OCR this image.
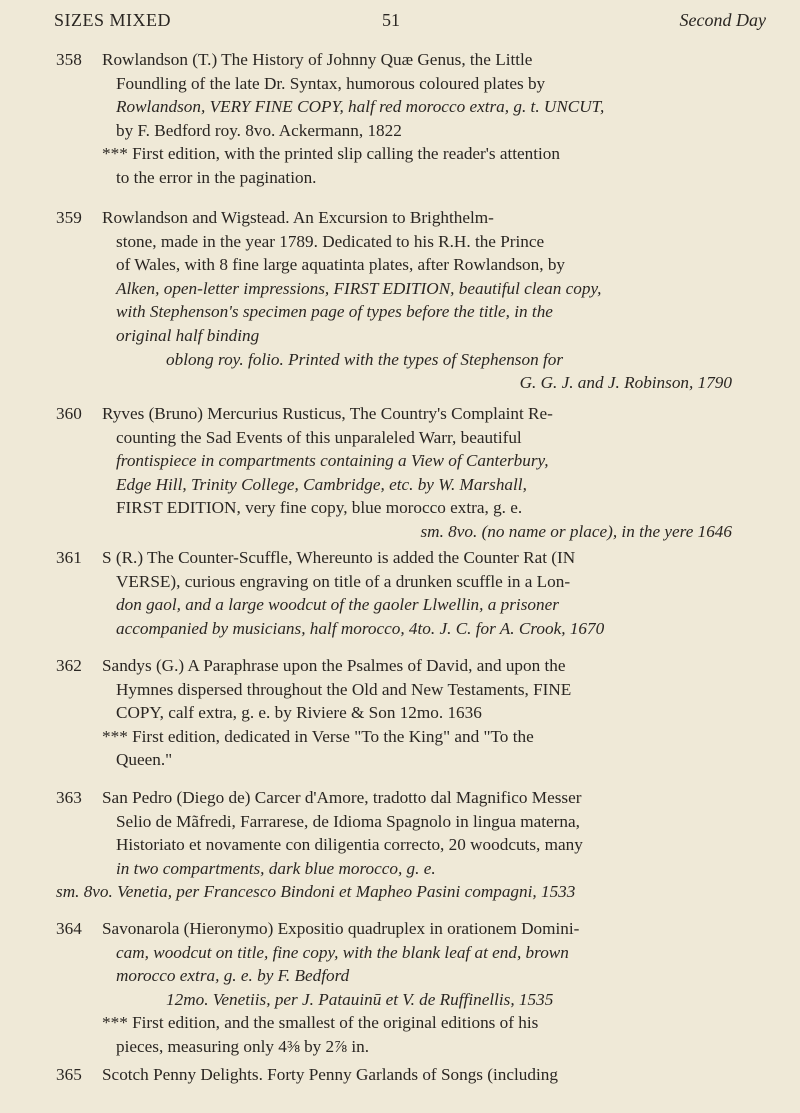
SIZES MIXED	51	Second Day
358	Rowlandson (T.) The History of Johnny Quæ Genus, the Little
Foundling of the late Dr. Syntax, humorous coloured plates by
Rowlandson, VERY FINE COPY, half red morocco extra, g. t. UNCUT,
by F. Bedford roy. 8vo. Ackermann, 1822
*** First edition, with the printed slip calling the reader's attention
to the error in the pagination.
359	Rowlandson and Wigstead. An Excursion to Brighthelm-
stone, made in the year 1789. Dedicated to his R.H. the Prince
of Wales, with 8 fine large aquatinta plates, after Rowlandson, by
Alken, open-letter impressions, FIRST EDITION, beautiful clean copy,
with Stephenson's specimen page of types before the title, in the
original half binding
oblong roy. folio. Printed with the types of Stephenson for
G. G. J. and J. Robinson, 1790
360	Ryves (Bruno) Mercurius Rusticus, The Country's Complaint Re-
counting the Sad Events of this unparaleled Warr, beautiful
frontispiece in compartments containing a View of Canterbury,
Edge Hill, Trinity College, Cambridge, etc. by W. Marshall,
FIRST EDITION, very fine copy, blue morocco extra, g. e.
sm. 8vo. (no name or place), in the yere 1646
361	S (R.) The Counter-Scuffle, Whereunto is added the Counter Rat (IN
VERSE), curious engraving on title of a drunken scuffle in a Lon-
don gaol, and a large woodcut of the gaoler Llwellin, a prisoner
accompanied by musicians, half morocco, 4to. J. C. for A. Crook, 1670
362	Sandys (G.) A Paraphrase upon the Psalmes of David, and upon the
Hymnes dispersed throughout the Old and New Testaments, FINE
COPY, calf extra, g. e. by Riviere & Son 12mo. 1636
*** First edition, dedicated in Verse "To the King" and "To the
Queen."
363	San Pedro (Diego de) Carcer d'Amore, tradotto dal Magnifico Messer
Selio de Mãfredi, Farrarese, de Idioma Spagnolo in lingua materna,
Historiato et novamente con diligentia correcto, 20 woodcuts, many
in two compartments, dark blue morocco, g. e.
sm. 8vo. Venetia, per Francesco Bindoni et Mapheo Pasini compagni, 1533
364	Savonarola (Hieronymo) Expositio quadruplex in orationem Domini-
cam, woodcut on title, fine copy, with the blank leaf at end, brown
morocco extra, g. e. by F. Bedford
12mo. Venetiis, per J. Patauinū et V. de Ruffinellis, 1535
*** First edition, and the smallest of the original editions of his
pieces, measuring only 4⅜ by 2⅞ in.
365	Scotch Penny Delights. Forty Penny Garlands of Songs (including
